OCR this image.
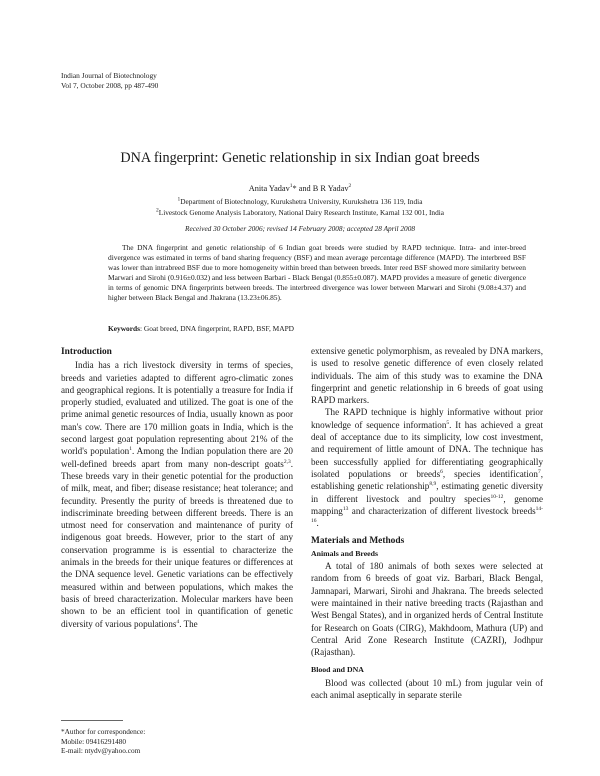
Indian Journal of Biotechnology
Vol 7, October 2008, pp 487-490
DNA fingerprint: Genetic relationship in six Indian goat breeds
Anita Yadav$^1$* and B R Yadav$^2$
$^1$Department of Biotechnology, Kurukshetra University, Kurukshetra 136 119, India
$^2$Livestock Genome Analysis Laboratory, National Dairy Research Institute, Karnal 132 001, India
Received 30 October 2006; revised 14 February 2008; accepted 28 April 2008

The DNA fingerprint and genetic relationship of 6 Indian goat breeds were studied by RAPD technique. Intra- and inter-breed divergence was estimated in terms of band sharing frequency (BSF) and mean average percentage difference (MAPD). The interbreed BSF was lower than intrabreed BSF due to more homogeneity within breed than between breeds. Inter reed BSF showed more similarity between Marwari and Sirohi (0.916±0.032) and less between Barbari - Black Bengal (0.855±0.087). MAPD provides a measure of genetic divergence in terms of genomic DNA fingerprints between breeds. The interbreed divergence was lower between Marwari and Sirohi (9.08±4.37) and higher between Black Bengal and Jhakrana (13.23±06.85).

Keywords: Goat breed, DNA fingerprint, RAPD, BSF, MAPD
Introduction

India has a rich livestock diversity in terms of species, breeds and varieties adapted to different agro-climatic zones and geographical regions. It is potentially a treasure for India if properly studied, evaluated and utilized. The goat is one of the prime animal genetic resources of India, usually known as poor man's cow. There are 170 million goats in India, which is the second largest goat population representing about 21% of the world's population$^1$. Among the Indian population there are 20 well-defined breeds apart from many non-descript goats$^{2,3}$. These breeds vary in their genetic potential for the production of milk, meat, and fiber; disease resistance; heat tolerance; and fecundity. Presently the purity of breeds is threatened due to indiscriminate breeding between different breeds. There is an utmost need for conservation and maintenance of purity of indigenous goat breeds. However, prior to the start of any conservation programme is is essential to characterize the animals in the breeds for their unique features or differences at the DNA sequence level. Genetic variations can be effectively measured within and between populations, which makes the basis of breed characterization. Molecular markers have been shown to be an efficient tool in quantification of genetic diversity of various populations$^4$. The

*Author for correspondence:
Mobile: 09416291480
E-mail: ntydv@yahoo.com

extensive genetic polymorphism, as revealed by DNA markers, is used to resolve genetic difference of even closely related individuals. The aim of this study was to examine the DNA fingerprint and genetic relationship in 6 breeds of goat using RAPD markers.

The RAPD technique is highly informative without prior knowledge of sequence information$^5$. It has achieved a great deal of acceptance due to its simplicity, low cost investment, and requirement of little amount of DNA. The technique has been successfully applied for differentiating geographically isolated populations or breeds$^6$, species identification$^7$, establishing genetic relationship$^{8,9}$, estimating genetic diversity in different livestock and poultry species$^{10-12}$, genome mapping$^{13}$ and characterization of different livestock breeds$^{14-16}$.

Materials and Methods
Animals and Breeds

A total of 180 animals of both sexes were selected at random from 6 breeds of goat viz. Barbari, Black Bengal, Jamnapari, Marwari, Sirohi and Jhakrana. The breeds selected were maintained in their native breeding tracts (Rajasthan and West Bengal States), and in organized herds of Central Institute for Research on Goats (CIRG), Makhdoom, Mathura (UP) and Central Arid Zone Research Institute (CAZRI), Jodhpur (Rajasthan).

Blood and DNA

Blood was collected (about 10 mL) from jugular vein of each animal aseptically in separate sterile
